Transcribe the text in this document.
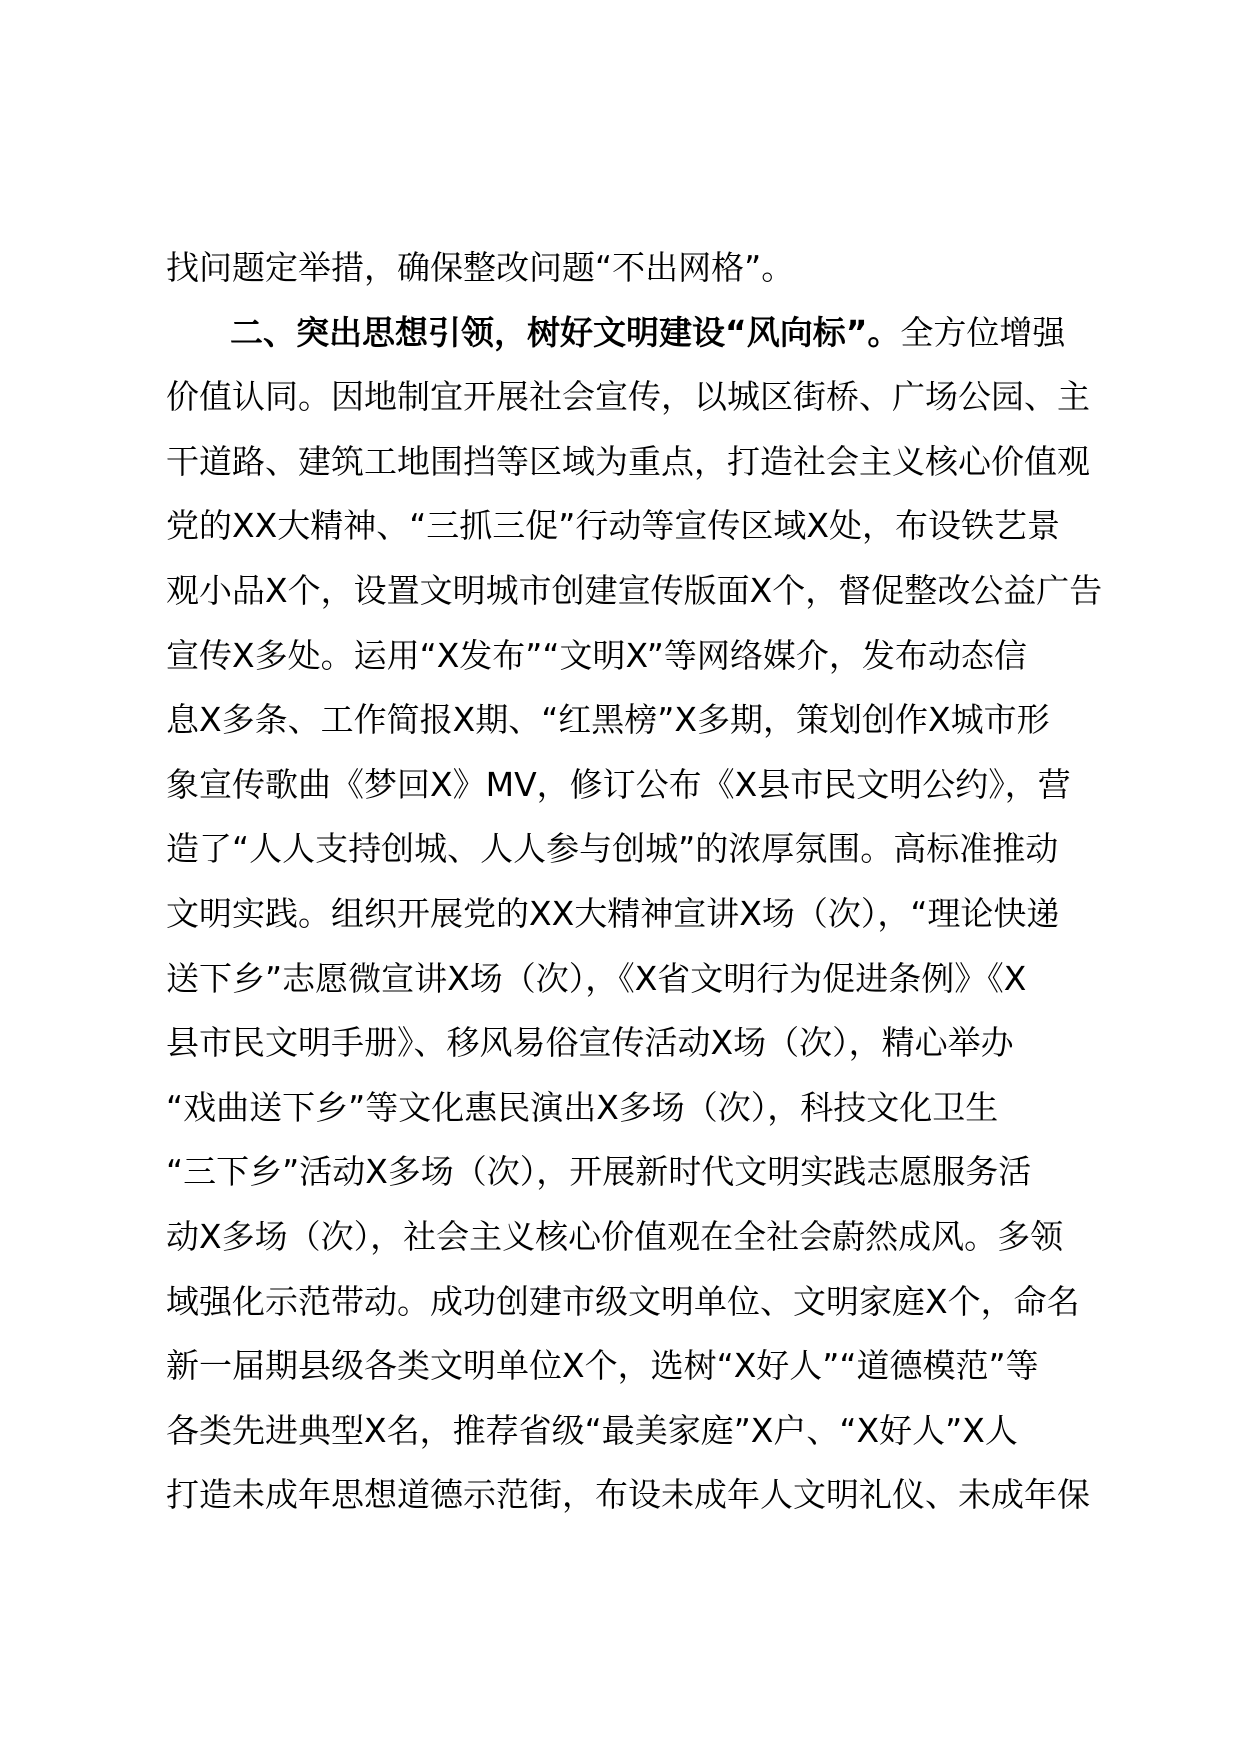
找问题定举措，确保整改问题“不出网格”。
二、突出思想引领，树好文明建设“风向标”。全方位增强
价值认同。因地制宜开展社会宣传，以城区街桥、广场公园、主
干道路、建筑工地围挡等区域为重点，打造社会主义核心价值观
党的XX大精神、“三抓三促”行动等宣传区域X处，布设铁艺景
观小品X个，设置文明城市创建宣传版面X个，督促整改公益广告
宣传X多处。运用“X发布”“文明X”等网络媒介，发布动态信
息X多条、工作简报X期、“红黑榜”X多期，策划创作X城市形
象宣传歌曲《梦回X》MV，修订公布《X县市民文明公约》，营
造了“人人支持创城、人人参与创城”的浓厚氛围。高标准推动
文明实践。组织开展党的XX大精神宣讲X场（次），“理论快递
送下乡”志愿微宣讲X场（次），《X省文明行为促进条例》《X
县市民文明手册》、移风易俗宣传活动X场（次），精心举办
“戏曲送下乡”等文化惠民演出X多场（次），科技文化卫生
“三下乡”活动X多场（次），开展新时代文明实践志愿服务活
动X多场（次），社会主义核心价值观在全社会蔚然成风。多领
域强化示范带动。成功创建市级文明单位、文明家庭X个，命名
新一届期县级各类文明单位X个，选树“X好人”“道德模范”等
各类先进典型X名，推荐省级“最美家庭”X户、“X好人”X人
打造未成年思想道德示范街，布设未成年人文明礼仪、未成年保
